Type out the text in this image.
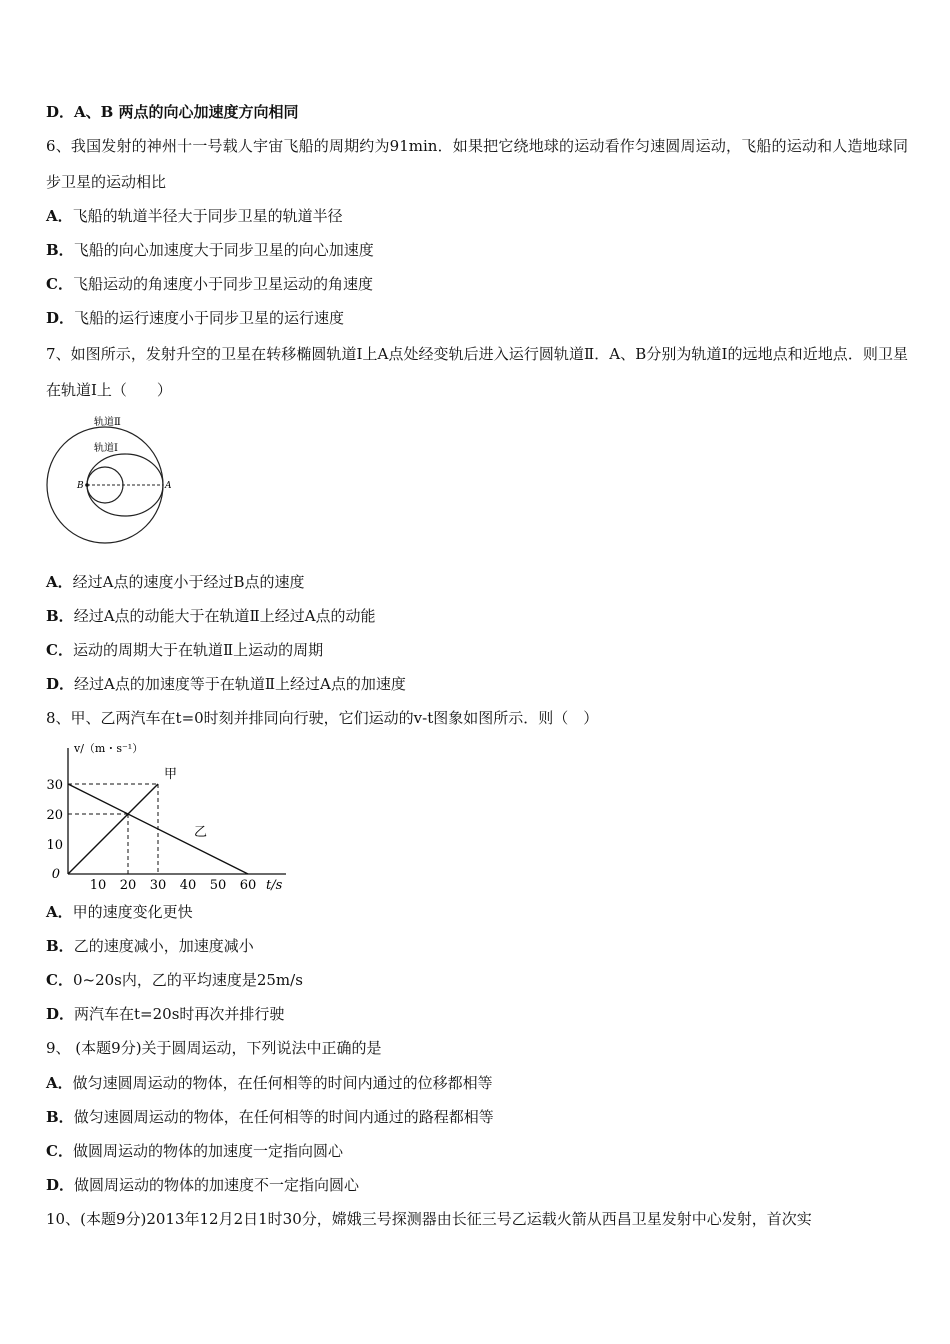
D．A、B 两点的向心加速度方向相同
6、我国发射的神州十一号载人宇宙飞船的周期约为91min．如果把它绕地球的运动看作匀速圆周运动，飞船的运动和人造地球同步卫星的运动相比
A．飞船的轨道半径大于同步卫星的轨道半径
B．飞船的向心加速度大于同步卫星的向心加速度
C．飞船运动的角速度小于同步卫星运动的角速度
D．飞船的运行速度小于同步卫星的运行速度
7、如图所示，发射升空的卫星在转移椭圆轨道Ⅰ上A点处经变轨后进入运行圆轨道Ⅱ．A、B分别为轨道Ⅰ的远地点和近地点．则卫星在轨道Ⅰ上（　　）
轨道Ⅱ
轨道Ⅰ
B	A
A．经过A点的速度小于经过B点的速度
B．经过A点的动能大于在轨道Ⅱ上经过A点的动能
C．运动的周期大于在轨道Ⅱ上运动的周期
D．经过A点的加速度等于在轨道Ⅱ上经过A点的加速度
8、甲、乙两汽车在t=0时刻并排同向行驶，它们运动的v-t图象如图所示．则（　）
10 20 30 40 50 60
10
20
30
0
v/（m・s⁻¹）
t/s
甲
乙
A．甲的速度变化更快
B．乙的速度减小，加速度减小
C．0~20s内，乙的平均速度是25m/s
D．两汽车在t=20s时再次并排行驶
9、 (本题9分)关于圆周运动，下列说法中正确的是
A．做匀速圆周运动的物体，在任何相等的时间内通过的位移都相等
B．做匀速圆周运动的物体，在任何相等的时间内通过的路程都相等
C．做圆周运动的物体的加速度一定指向圆心
D．做圆周运动的物体的加速度不一定指向圆心
10、(本题9分)2013年12月2日1时30分，嫦娥三号探测器由长征三号乙运载火箭从西昌卫星发射中心发射，首次实
